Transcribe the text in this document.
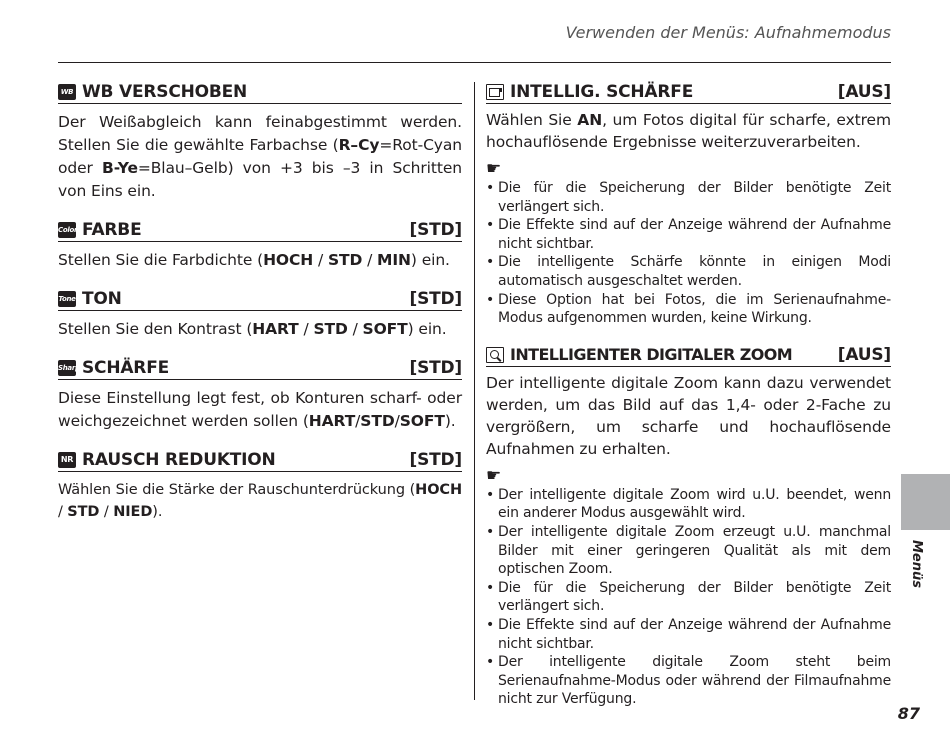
Verwenden der Menüs: Aufnahmemodus
WB WB VERSCHOBEN

Der Weißabgleich kann feinabgestimmt werden. Stellen Sie die gewählte Farbachse (R–Cy=Rot-Cyan oder B-Ye=Blau–Gelb) von +3 bis –3 in Schritten von Eins ein.

Color FARBE	[STD]

Stellen Sie die Farbdichte (HOCH / STD / MIN) ein.

Tone TON	[STD]

Stellen Sie den Kontrast (HART / STD / SOFT) ein.

Sharp SCHÄRFE	[STD]

Diese Einstellung legt fest, ob Konturen scharf- oder weichgezeichnet werden sollen (HART/STD/SOFT).

NR RAUSCH REDUKTION	[STD]

Wählen Sie die Stärke der Rauschunterdrückung (HOCH / STD / NIED).

INTELLIG. SCHÄRFE	[AUS]

Wählen Sie AN, um Fotos digital für scharfe, extrem hochauflösende Ergebnisse weiterzuverarbeiten.

☛
• Die für die Speicherung der Bilder benötigte Zeit verlängert sich.
• Die Effekte sind auf der Anzeige während der Aufnahme nicht sichtbar.
• Die intelligente Schärfe könnte in einigen Modi automatisch ausgeschaltet werden.
• Diese Option hat bei Fotos, die im Serienaufnahme-Modus aufgenommen wurden, keine Wirkung.
INTELLIGENTER DIGITALER ZOOM	[AUS]

Der intelligente digitale Zoom kann dazu verwendet werden, um das Bild auf das 1,4- oder 2-Fache zu vergrößern, um scharfe und hochauflösende Aufnahmen zu erhalten.

☛
• Der intelligente digitale Zoom wird u.U. beendet, wenn ein anderer Modus ausgewählt wird.
• Der intelligente digitale Zoom erzeugt u.U. manchmal Bilder mit einer geringeren Qualität als mit dem optischen Zoom.
• Die für die Speicherung der Bilder benötigte Zeit verlängert sich.
• Die Effekte sind auf der Anzeige während der Aufnahme nicht sichtbar.
• Der intelligente digitale Zoom steht beim Serienaufnahme-Modus oder während der Filmaufnahme nicht zur Verfügung.
Menüs
87
